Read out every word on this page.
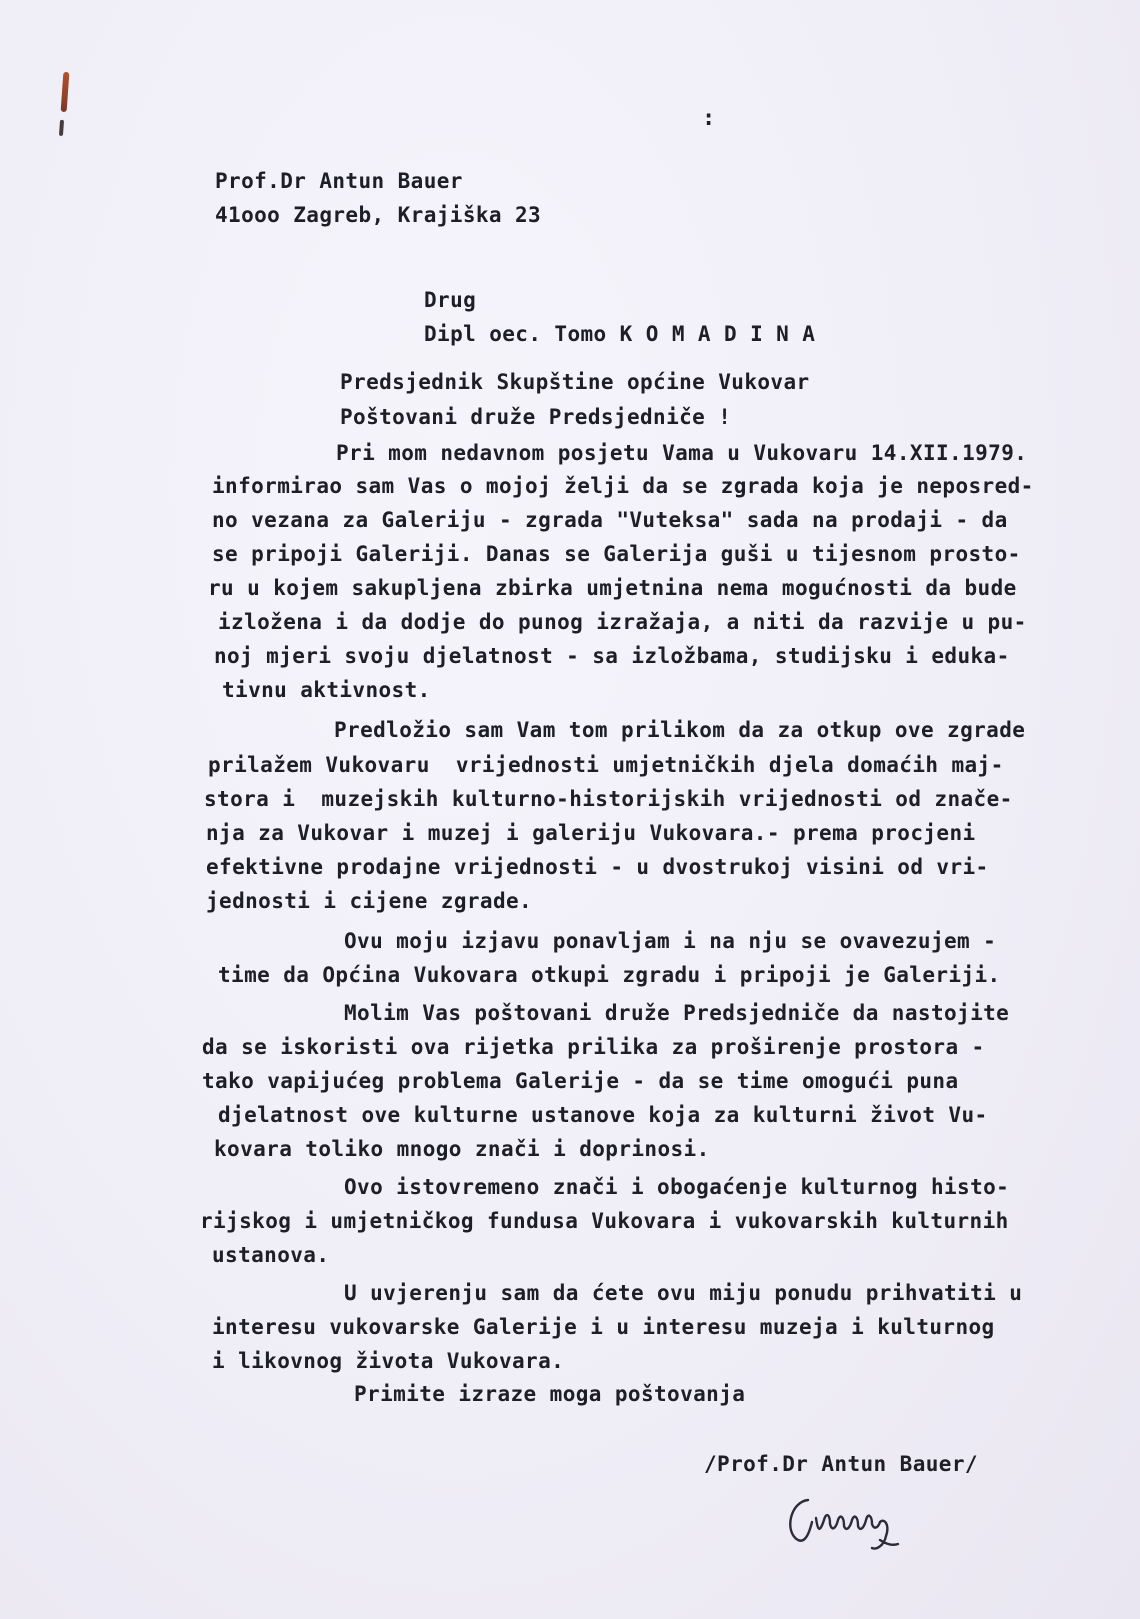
:
Prof.Dr Antun Bauer
41ooo Zagreb, Krajiška 23
Drug
Dipl oec. Tomo K O M A D I N A
Predsjednik Skupštine općine Vukovar
Poštovani druže Predsjedniče !
Pri mom nedavnom posjetu Vama u Vukovaru 14.XII.1979.
informirao sam Vas o mojoj želji da se zgrada koja je neposred-
no vezana za Galeriju - zgrada "Vuteksa" sada na prodaji - da
se pripoji Galeriji. Danas se Galerija guši u tijesnom prosto-
ru u kojem sakupljena zbirka umjetnina nema mogućnosti da bude
izložena i da dodje do punog izražaja, a niti da razvije u pu-
noj mjeri svoju djelatnost - sa izložbama, studijsku i eduka-
tivnu aktivnost.
Predložio sam Vam tom prilikom da za otkup ove zgrade
prilažem Vukovaru  vrijednosti umjetničkih djela domaćih maj-
stora i  muzejskih kulturno-historijskih vrijednosti od znače-
nja za Vukovar i muzej i galeriju Vukovara.- prema procjeni
efektivne prodajne vrijednosti - u dvostrukoj visini od vri-
jednosti i cijene zgrade.
Ovu moju izjavu ponavljam i na nju se ovavezujem -
time da Općina Vukovara otkupi zgradu i pripoji je Galeriji.
Molim Vas poštovani druže Predsjedniče da nastojite
da se iskoristi ova rijetka prilika za proširenje prostora -
tako vapijućeg problema Galerije - da se time omogući puna
djelatnost ove kulturne ustanove koja za kulturni život Vu-
kovara toliko mnogo znači i doprinosi.
Ovo istovremeno znači i obogaćenje kulturnog histo-
rijskog i umjetničkog fundusa Vukovara i vukovarskih kulturnih
ustanova.
U uvjerenju sam da ćete ovu miju ponudu prihvatiti u
interesu vukovarske Galerije i u interesu muzeja i kulturnog
i likovnog života Vukovara.
Primite izraze moga poštovanja
/Prof.Dr Antun Bauer/
